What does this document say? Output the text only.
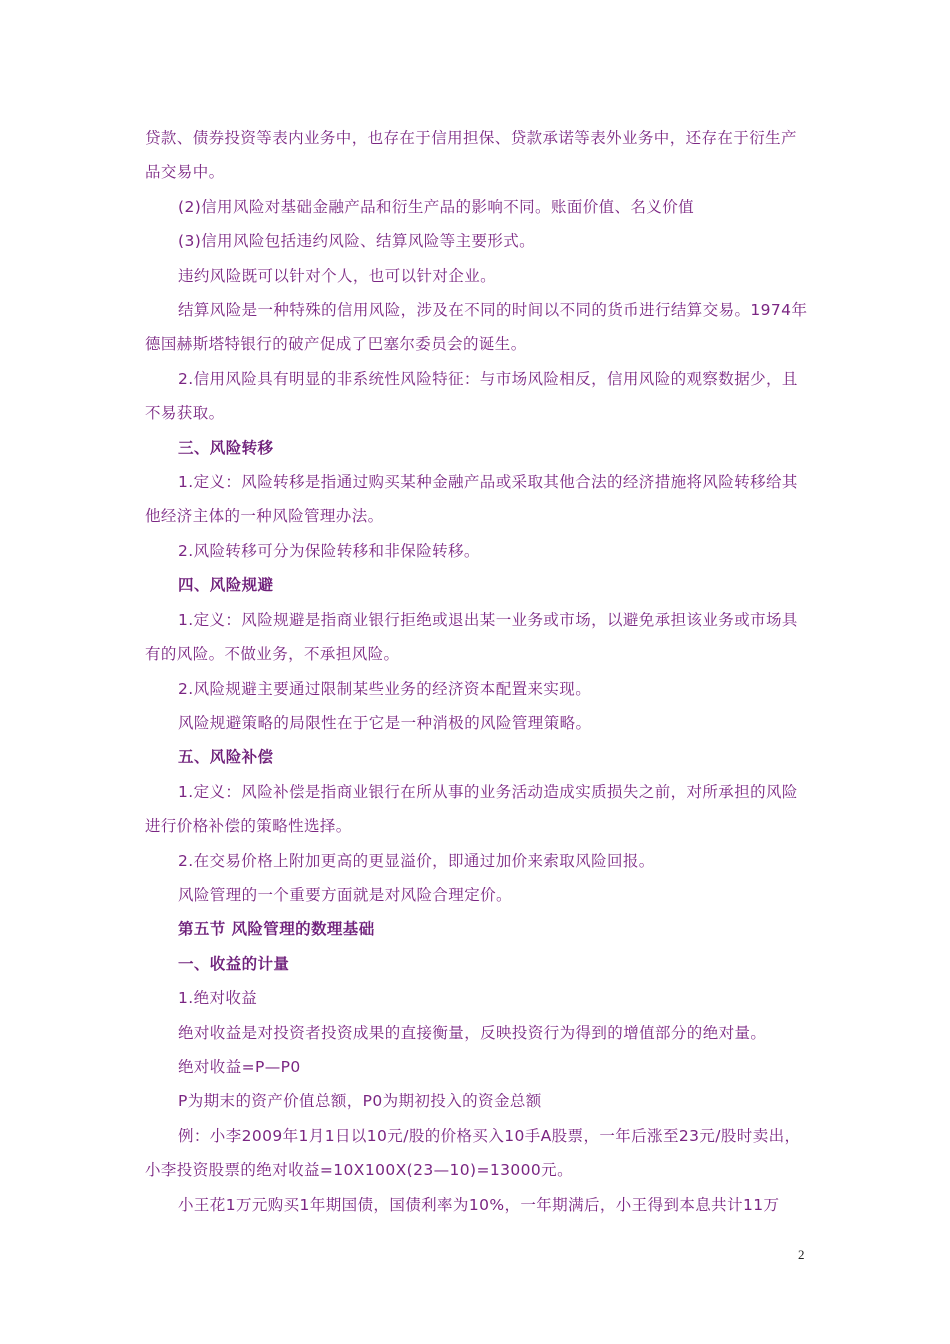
贷款、债券投资等表内业务中，也存在于信用担保、贷款承诺等表外业务中，还存在于衍生产品交易中。

(2)信用风险对基础金融产品和衍生产品的影响不同。账面价值、名义价值

(3)信用风险包括违约风险、结算风险等主要形式。

违约风险既可以针对个人，也可以针对企业。

结算风险是一种特殊的信用风险，涉及在不同的时间以不同的货币进行结算交易。1974年德国赫斯塔特银行的破产促成了巴塞尔委员会的诞生。

2.信用风险具有明显的非系统性风险特征：与市场风险相反，信用风险的观察数据少，且不易获取。

三、风险转移

1.定义：风险转移是指通过购买某种金融产品或采取其他合法的经济措施将风险转移给其他经济主体的一种风险管理办法。

2.风险转移可分为保险转移和非保险转移。

四、风险规避

1.定义：风险规避是指商业银行拒绝或退出某一业务或市场，以避免承担该业务或市场具有的风险。不做业务，不承担风险。

2.风险规避主要通过限制某些业务的经济资本配置来实现。

风险规避策略的局限性在于它是一种消极的风险管理策略。

五、风险补偿

1.定义：风险补偿是指商业银行在所从事的业务活动造成实质损失之前，对所承担的风险进行价格补偿的策略性选择。

2.在交易价格上附加更高的更显溢价，即通过加价来索取风险回报。

风险管理的一个重要方面就是对风险合理定价。

第五节 风险管理的数理基础

一、收益的计量

1.绝对收益

绝对收益是对投资者投资成果的直接衡量，反映投资行为得到的增值部分的绝对量。

绝对收益=P—P0

P为期末的资产价值总额，P0为期初投入的资金总额

例：小李2009年1月1日以10元/股的价格买入10手A股票，一年后涨至23元/股时卖出，小李投资股票的绝对收益=10X100X(23—10)=13000元。

小王花1万元购买1年期国债，国债利率为10%，一年期满后，小王得到本息共计11万

2
